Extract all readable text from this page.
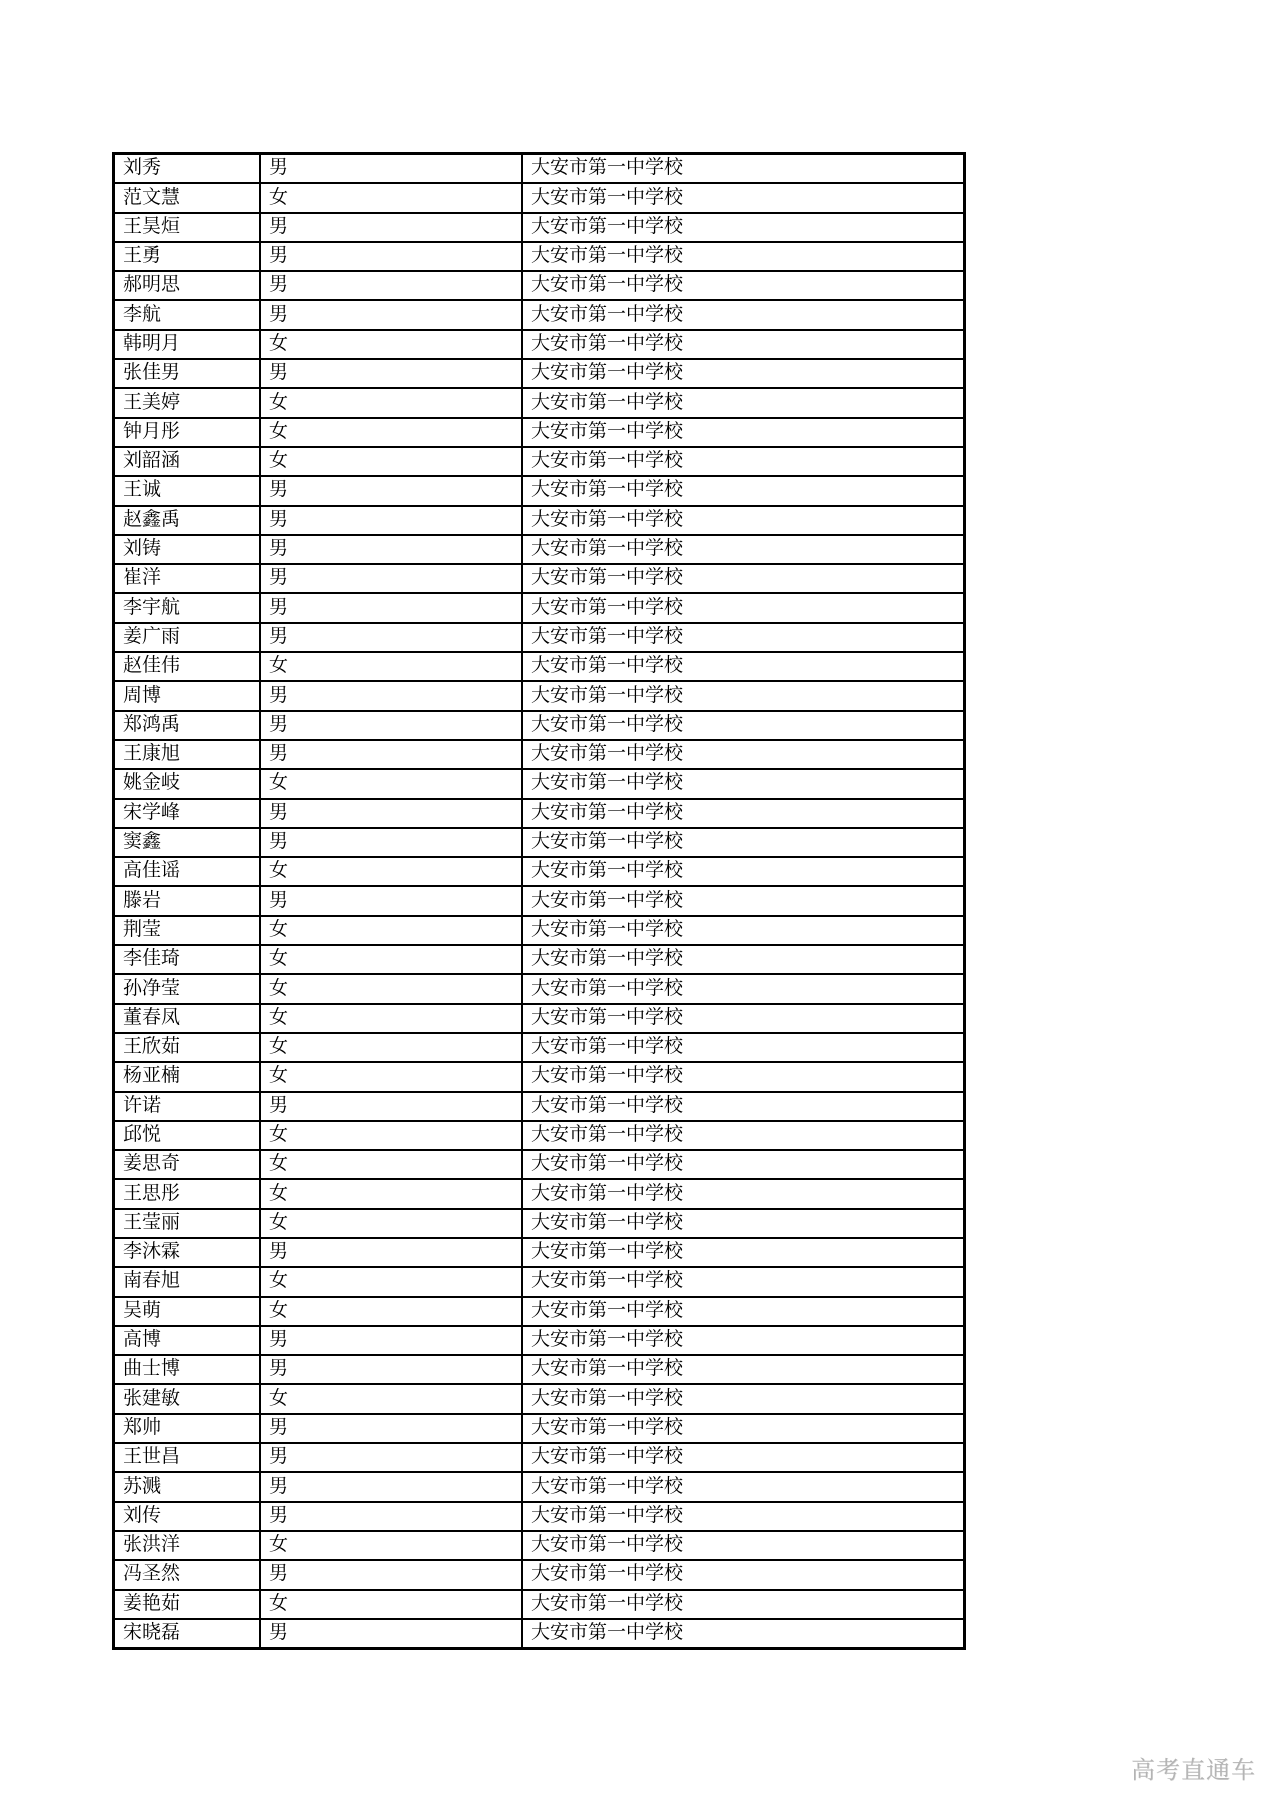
刘秀	男	大安市第一中学校
范文慧	女	大安市第一中学校
王昊烜	男	大安市第一中学校
王勇	男	大安市第一中学校
郝明思	男	大安市第一中学校
李航	男	大安市第一中学校
韩明月	女	大安市第一中学校
张佳男	男	大安市第一中学校
王美婷	女	大安市第一中学校
钟月彤	女	大安市第一中学校
刘韶涵	女	大安市第一中学校
王诚	男	大安市第一中学校
赵鑫禹	男	大安市第一中学校
刘铸	男	大安市第一中学校
崔洋	男	大安市第一中学校
李宇航	男	大安市第一中学校
姜广雨	男	大安市第一中学校
赵佳伟	女	大安市第一中学校
周博	男	大安市第一中学校
郑鸿禹	男	大安市第一中学校
王康旭	男	大安市第一中学校
姚金岐	女	大安市第一中学校
宋学峰	男	大安市第一中学校
窦鑫	男	大安市第一中学校
高佳谣	女	大安市第一中学校
滕岩	男	大安市第一中学校
荆莹	女	大安市第一中学校
李佳琦	女	大安市第一中学校
孙净莹	女	大安市第一中学校
董春凤	女	大安市第一中学校
王欣茹	女	大安市第一中学校
杨亚楠	女	大安市第一中学校
许诺	男	大安市第一中学校
邱悦	女	大安市第一中学校
姜思奇	女	大安市第一中学校
王思彤	女	大安市第一中学校
王莹丽	女	大安市第一中学校
李沐霖	男	大安市第一中学校
南春旭	女	大安市第一中学校
吴萌	女	大安市第一中学校
高博	男	大安市第一中学校
曲士博	男	大安市第一中学校
张建敏	女	大安市第一中学校
郑帅	男	大安市第一中学校
王世昌	男	大安市第一中学校
苏溅	男	大安市第一中学校
刘传	男	大安市第一中学校
张洪洋	女	大安市第一中学校
冯圣然	男	大安市第一中学校
姜艳茹	女	大安市第一中学校
宋晓磊	男	大安市第一中学校
高考直通车
